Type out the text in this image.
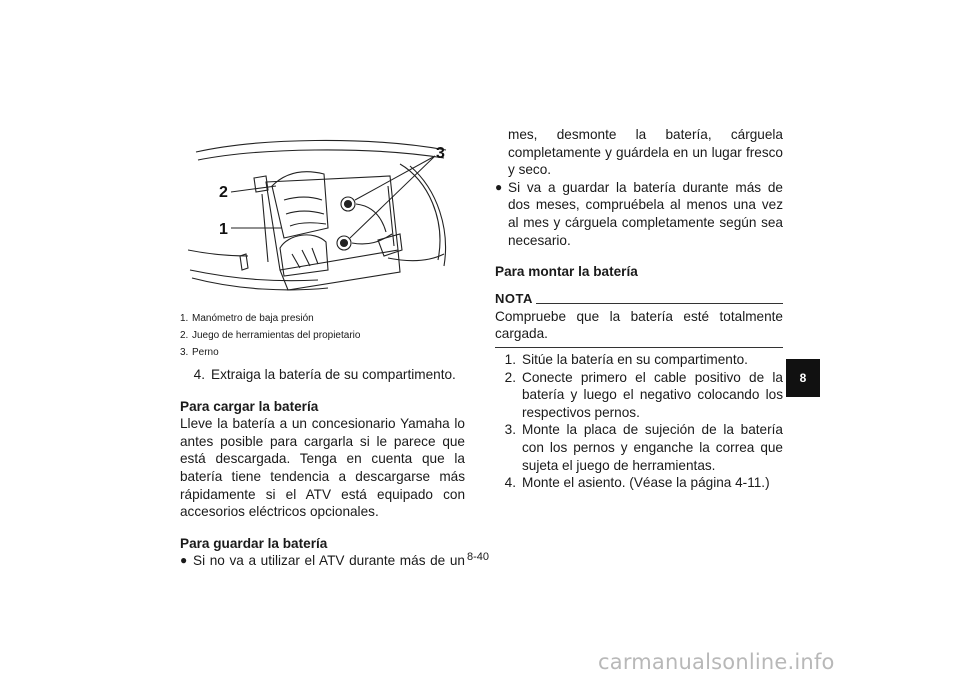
3
2
1

1. Manómetro de baja presión

2. Juego de herramientas del propietario

3. Perno

4. Extraiga la batería de su compartimento.

Para cargar la batería

Lleve la batería a un concesionario Yamaha lo antes posible para cargarla si le parece que está descargada. Tenga en cuenta que la batería tiene tendencia a descargarse más rápidamente si el ATV está equipado con accesorios eléctricos opcionales.

Para guardar la batería

● Si no va a utilizar el ATV durante más de un

mes, desmonte la batería, cárguela completamente y guárdela en un lugar fresco y seco.

● Si va a guardar la batería durante más de dos meses, compruébela al menos una vez al mes y cárguela completamente según sea necesario.

Para montar la batería

NOTA

Compruebe que la batería esté totalmente cargada.

1. Sitúe la batería en su compartimento.

2. Conecte primero el cable positivo de la batería y luego el negativo colocando los respectivos pernos.

3. Monte la placa de sujeción de la batería con los pernos y enganche la correa que sujeta el juego de herramientas.

4. Monte el asiento. (Véase la página 4-11.)

8-40
8
carmanualsonline.info
